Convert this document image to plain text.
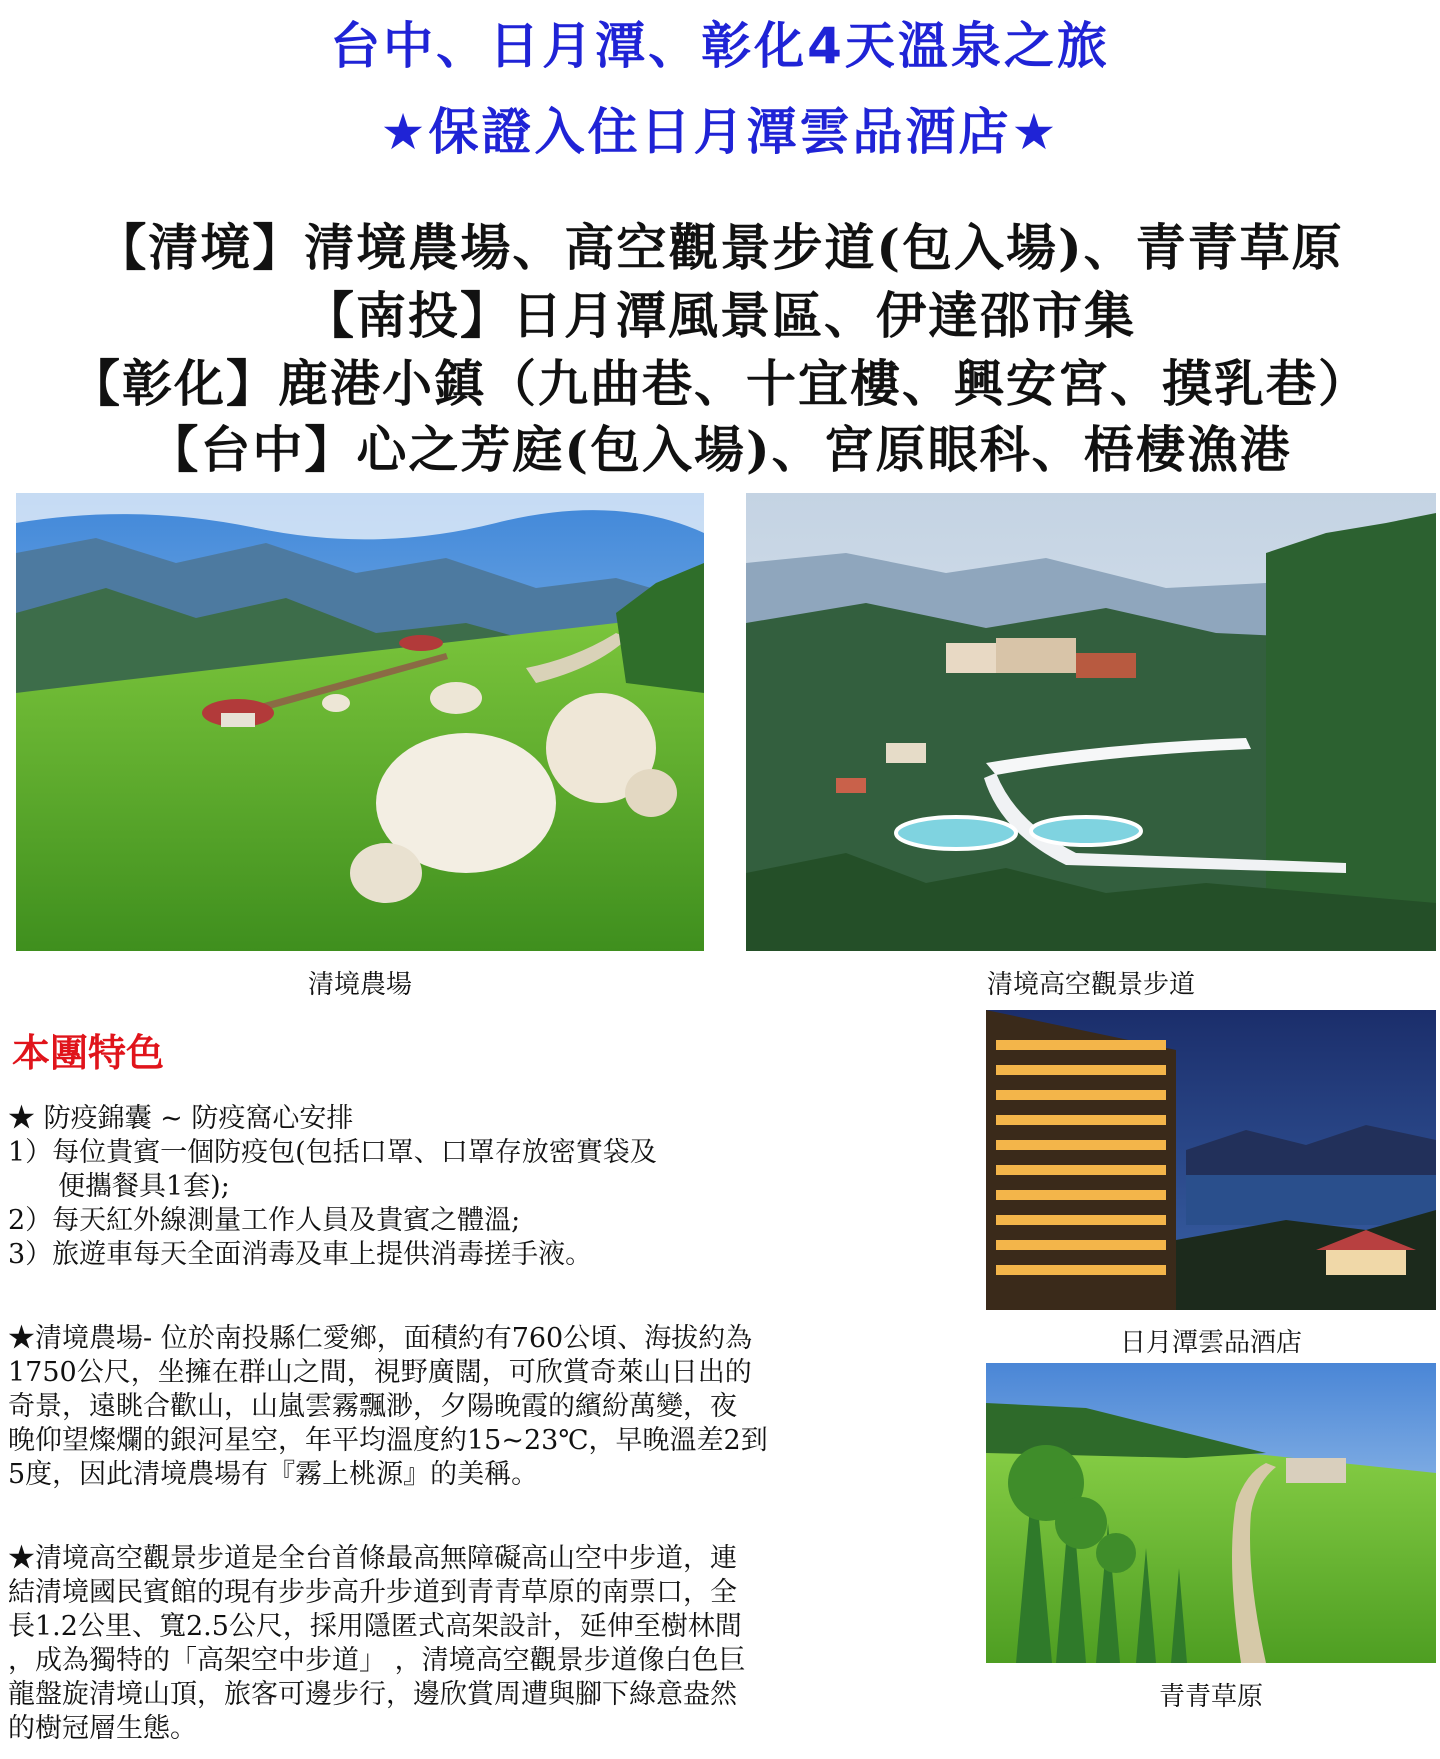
台中、日月潭、彰化4天溫泉之旅
★保證入住日月潭雲品酒店★
【清境】清境農場、高空觀景步道(包入場)、青青草原
【南投】日月潭風景區、伊達邵市集
【彰化】鹿港小鎮（九曲巷、十宜樓、興安宮、摸乳巷）
【台中】心之芳庭(包入場)、宮原眼科、梧棲漁港
清境農場	清境高空觀景步道
日月潭雲品酒店
青青草原
本團特色
★ 防疫錦囊 ~ 防疫窩心安排
1）每位貴賓一個防疫包(包括口罩、口罩存放密實袋及
便攜餐具1套);
2）每天紅外線測量工作人員及貴賓之體溫;
3）旅遊車每天全面消毒及車上提供消毒搓手液。
★清境農場- 位於南投縣仁愛鄉，面積約有760公頃、海拔約為
1750公尺，坐擁在群山之間，視野廣闊，可欣賞奇萊山日出的
奇景，遠眺合歡山，山嵐雲霧飄渺，夕陽晚霞的繽紛萬變，夜
晚仰望燦爛的銀河星空，年平均溫度約15~23℃，早晚溫差2到
5度，因此清境農場有『霧上桃源』的美稱。
★清境高空觀景步道是全台首條最高無障礙高山空中步道，連
結清境國民賓館的現有步步高升步道到青青草原的南票口，全
長1.2公里、寬2.5公尺，採用隱匿式高架設計，延伸至樹林間
，成為獨特的「高架空中步道」 ，清境高空觀景步道像白色巨
龍盤旋清境山頂，旅客可邊步行，邊欣賞周遭與腳下綠意盎然
的樹冠層生態。
